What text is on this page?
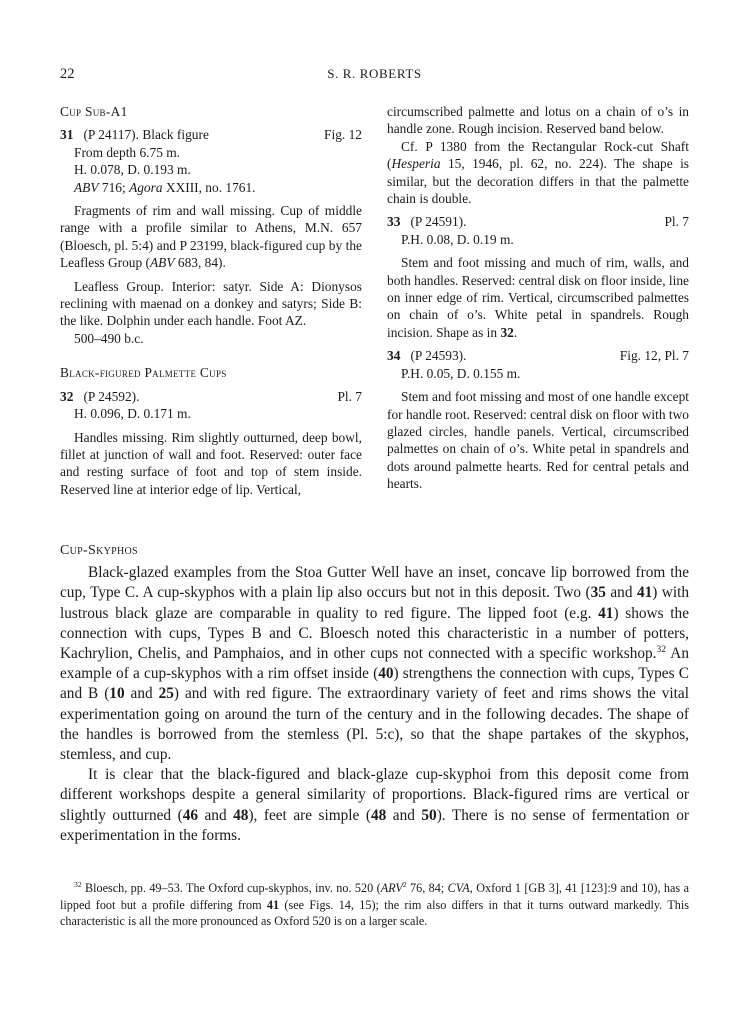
22	S. R. ROBERTS
Cup Sub-A1
31 (P 24117). Black figure	Fig. 12
From depth 6.75 m.
H. 0.078, D. 0.193 m.
ABV 716; Agora XXIII, no. 1761.

Fragments of rim and wall missing. Cup of middle range with a profile similar to Athens, M.N. 657 (Bloesch, pl. 5:4) and P 23199, black-figured cup by the Leafless Group (ABV 683, 84).

Leafless Group. Interior: satyr. Side A: Dionysos reclining with maenad on a donkey and satyrs; Side B: the like. Dolphin under each handle. Foot AZ.

500–490 b.c.
Black-figured Palmette Cups
32 (P 24592).	Pl. 7
H. 0.096, D. 0.171 m.

Handles missing. Rim slightly outturned, deep bowl, fillet at junction of wall and foot. Reserved: outer face and resting surface of foot and top of stem inside. Reserved line at interior edge of lip. Vertical,

circumscribed palmette and lotus on a chain of o’s in handle zone. Rough incision. Reserved band below.

Cf. P 1380 from the Rectangular Rock-cut Shaft (Hesperia 15, 1946, pl. 62, no. 224). The shape is similar, but the decoration differs in that the palmette chain is double.

33 (P 24591).	Pl. 7
P.H. 0.08, D. 0.19 m.

Stem and foot missing and much of rim, walls, and both handles. Reserved: central disk on floor inside, line on inner edge of rim. Vertical, circumscribed palmettes on chain of o’s. White petal in spandrels. Rough incision. Shape as in 32.

34 (P 24593).	Fig. 12, Pl. 7
P.H. 0.05, D. 0.155 m.

Stem and foot missing and most of one handle except for handle root. Reserved: central disk on floor with two glazed circles, handle panels. Vertical, circumscribed palmettes on chain of o’s. White petal in spandrels and dots around palmette hearts. Red for central petals and hearts.

Cup-Skyphos

Black-glazed examples from the Stoa Gutter Well have an inset, concave lip borrowed from the cup, Type C. A cup-skyphos with a plain lip also occurs but not in this deposit. Two (35 and 41) with lustrous black glaze are comparable in quality to red figure. The lipped foot (e.g. 41) shows the connection with cups, Types B and C. Bloesch noted this characteristic in a number of potters, Kachrylion, Chelis, and Pamphaios, and in other cups not connected with a specific workshop.$^{32}$ An example of a cup-skyphos with a rim offset inside (40) strengthens the connection with cups, Types C and B (10 and 25) and with red figure. The extraordinary variety of feet and rims shows the vital experimentation going on around the turn of the century and in the following decades. The shape of the handles is borrowed from the stemless (Pl. 5:c), so that the shape partakes of the skyphos, stemless, and cup.

It is clear that the black-figured and black-glaze cup-skyphoi from this deposit come from different workshops despite a general similarity of proportions. Black-figured rims are vertical or slightly outturned (46 and 48), feet are simple (48 and 50). There is no sense of fermentation or experimentation in the forms.

$^{32}$ Bloesch, pp. 49–53. The Oxford cup-skyphos, inv. no. 520 (ARV$^2$ 76, 84; CVA, Oxford 1 [GB 3], 41 [123]:9 and 10), has a lipped foot but a profile differing from 41 (see Figs. 14, 15); the rim also differs in that it turns outward markedly. This characteristic is all the more pronounced as Oxford 520 is on a larger scale.
